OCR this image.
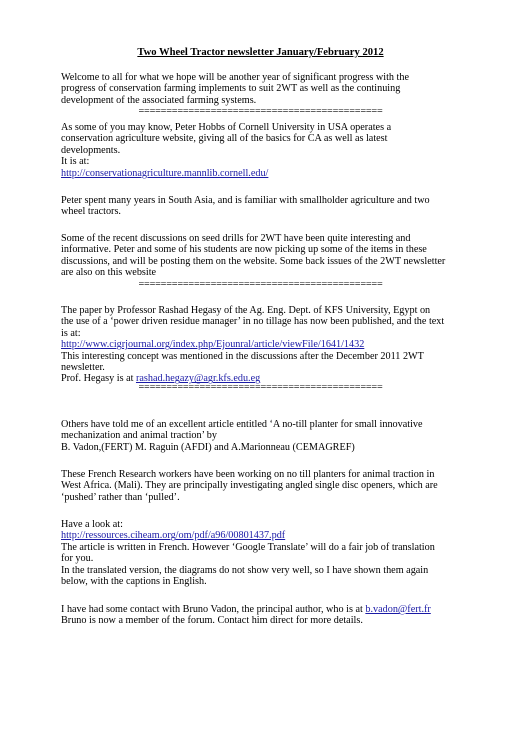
Two Wheel Tractor newsletter January/February 2012
Welcome to all for what we hope will be another year of significant progress with the
progress of conservation farming implements to suit 2WT as well as the continuing
development of the associated farming systems.
============================================
As some of you may know, Peter Hobbs of Cornell University in USA operates a
conservation agriculture website, giving all of the basics for CA as well as latest
developments.
It is at:
http://conservationagriculture.mannlib.cornell.edu/
Peter spent many years in South Asia, and is familiar with smallholder agriculture and two
wheel tractors.
Some of the recent discussions on seed drills for 2WT have been quite interesting and
informative. Peter and some of his students are now picking up some of the items in these
discussions, and will be posting them on the website. Some back issues of the 2WT newsletter
are also on this website
============================================
The paper by Professor Rashad Hegasy of the Ag. Eng. Dept. of KFS University, Egypt on
the use of a ‘power driven residue manager’ in no tillage has now been published, and the text
is at:
http://www.cigrjournal.org/index.php/Ejounral/article/viewFile/1641/1432
This interesting concept was mentioned in the discussions after the December 2011 2WT
newsletter.
Prof. Hegasy is at rashad.hegazy@agr.kfs.edu.eg
============================================
Others have told me of an excellent article entitled ‘A no-till planter for small innovative
mechanization and animal traction’ by
B. Vadon,(FERT) M. Raguin (AFDI) and A.Marionneau (CEMAGREF)
These French Research workers have been working on no till planters for animal traction in
West Africa. (Mali). They are principally investigating angled single disc openers, which are
‘pushed’ rather than ‘pulled’.
Have a look at:
http://ressources.ciheam.org/om/pdf/a96/00801437.pdf
The article is written in French. However ‘Google Translate’ will do a fair job of translation
for you.
In the translated version, the diagrams do not show very well, so I have shown them again
below, with the captions in English.
I have had some contact with Bruno Vadon, the principal author, who is at b.vadon@fert.fr
Bruno is now a member of the forum. Contact him direct for more details.
